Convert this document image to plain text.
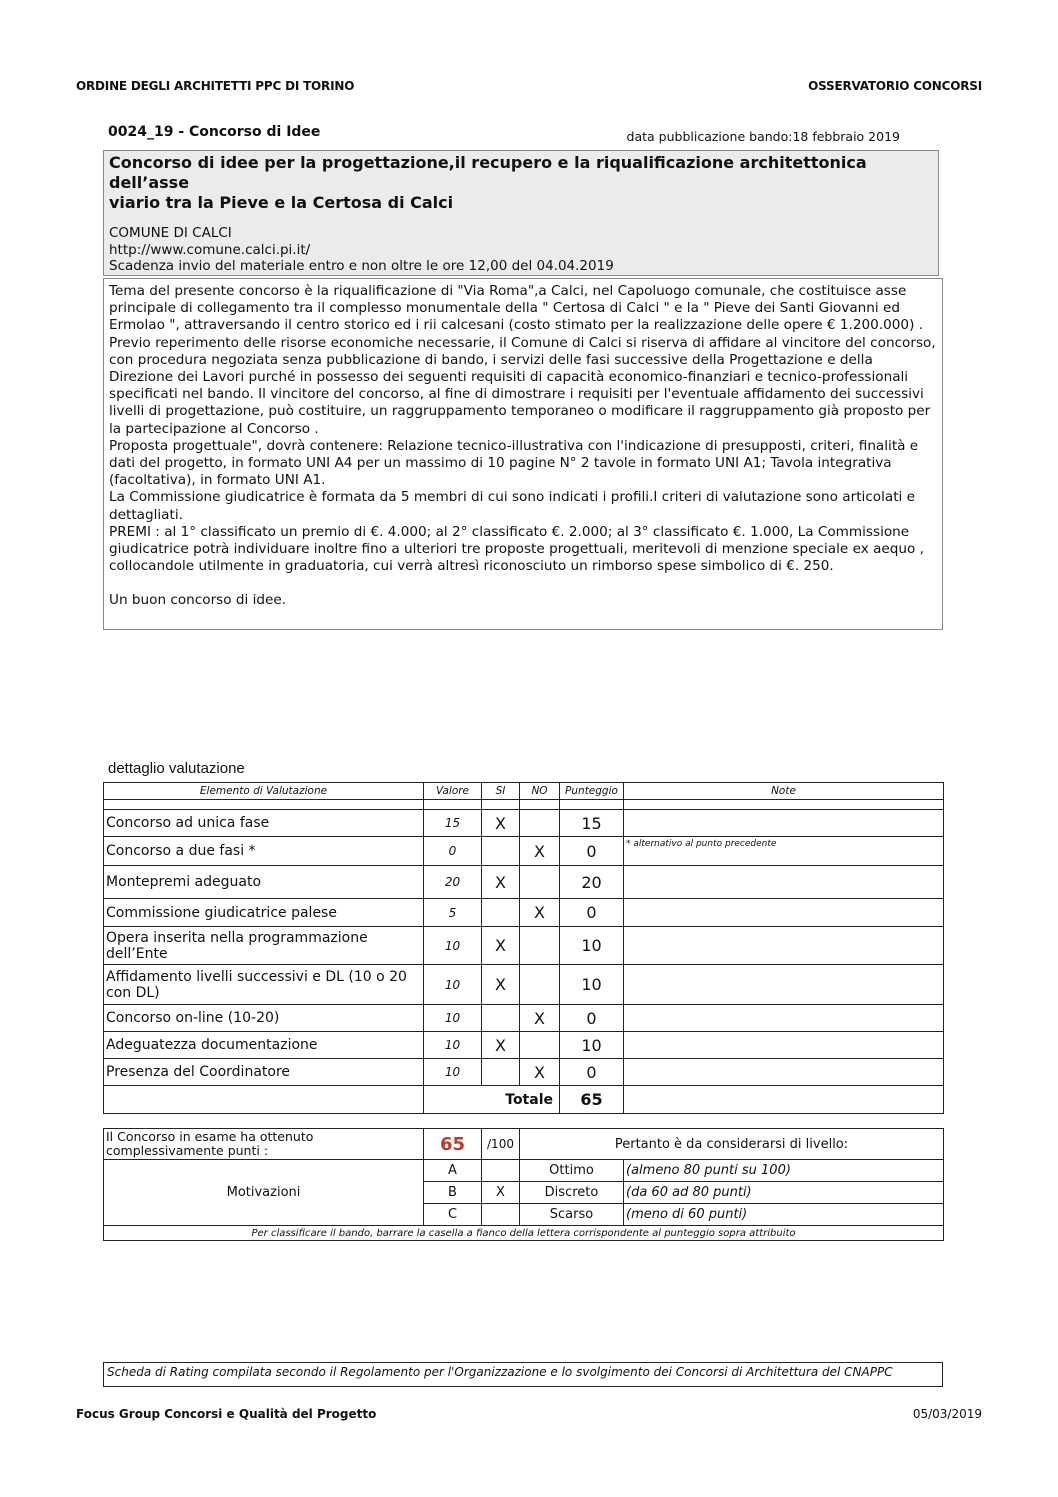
ORDINE DEGLI ARCHITETTI PPC DI TORINO	OSSERVATORIO CONCORSI
0024_19 - Concorso di Idee	data pubblicazione bando:18 febbraio 2019
Concorso di idee per la progettazione,il recupero e la riqualificazione architettonica dell’asse
viario tra la Pieve e la Certosa di Calci
COMUNE DI CALCI
http://www.comune.calci.pi.it/
Scadenza invio del materiale entro e non oltre le ore 12,00 del 04.04.2019

Tema del presente concorso è la riqualificazione di "Via Roma",a Calci, nel Capoluogo comunale, che costituisce asse principale di collegamento tra il complesso monumentale della " Certosa di Calci " e la " Pieve dei Santi Giovanni ed Ermolao ", attraversando il centro storico ed i rii calcesani (costo stimato per la realizzazione delle opere € 1.200.000) .

Previo reperimento delle risorse economiche necessarie, il Comune di Calci si riserva di affidare al vincitore del concorso, con procedura negoziata senza pubblicazione di bando, i servizi delle fasi successive della Progettazione e della Direzione dei Lavori purché in possesso dei seguenti requisiti di capacità economico-finanziari e tecnico-professionali specificati nel bando. Il vincitore del concorso, al fine di dimostrare i requisiti per l'eventuale affidamento dei successivi livelli di progettazione, può costituire, un raggruppamento temporaneo o modificare il raggruppamento già proposto per la partecipazione al Concorso .

Proposta progettuale", dovrà contenere: Relazione tecnico-illustrativa con l'indicazione di presupposti, criteri, finalità e dati del progetto, in formato UNI A4 per un massimo di 10 pagine N° 2 tavole in formato UNI A1; Tavola integrativa (facoltativa), in formato UNI A1.

La Commissione giudicatrice è formata da 5 membri di cui sono indicati i profili.I criteri di valutazione sono articolati e dettagliati.

PREMI : al 1° classificato un premio di €. 4.000; al 2° classificato €. 2.000; al 3° classificato €. 1.000, La Commissione giudicatrice potrà individuare inoltre fino a ulteriori tre proposte progettuali, meritevoli di menzione speciale ex aequo , collocandole utilmente in graduatoria, cui verrà altresì riconosciuto un rimborso spese simbolico di €. 250.

Un buon concorso di idee.

dettaglio valutazione
Elemento di Valutazione	Valore	SI	NO	Punteggio	Note

Concorso ad unica fase	15	X		15	
Concorso a due fasi *	0		X	0	* alternativo al punto precedente
Montepremi adeguato	20	X		20	
Commissione giudicatrice palese	5		X	0	
Opera inserita nella programmazione dell’Ente	10	X		10	
Affidamento livelli successivi e DL (10 o 20 con DL)	10	X		10	
Concorso on-line (10-20)	10		X	0	
Adeguatezza documentazione	10	X		10	
Presenza del Coordinatore	10		X	0	
	Totale			65	
Il Concorso in esame ha ottenuto complessivamente punti :	65	/100	Pertanto è da considerarsi di livello:	
Motivazioni	A		Ottimo	(almeno 80 punti su 100)
	B	X	Discreto	(da 60 ad 80 punti)
	C		Scarso	(meno di 60 punti)
Per classificare il bando, barrare la casella a fianco della lettera corrispondente al punteggio sopra attribuito				
Scheda di Rating compilata secondo il Regolamento per l'Organizzazione e lo svolgimento dei Concorsi di Architettura del CNAPPC
Focus Group Concorsi e Qualità del Progetto	05/03/2019
